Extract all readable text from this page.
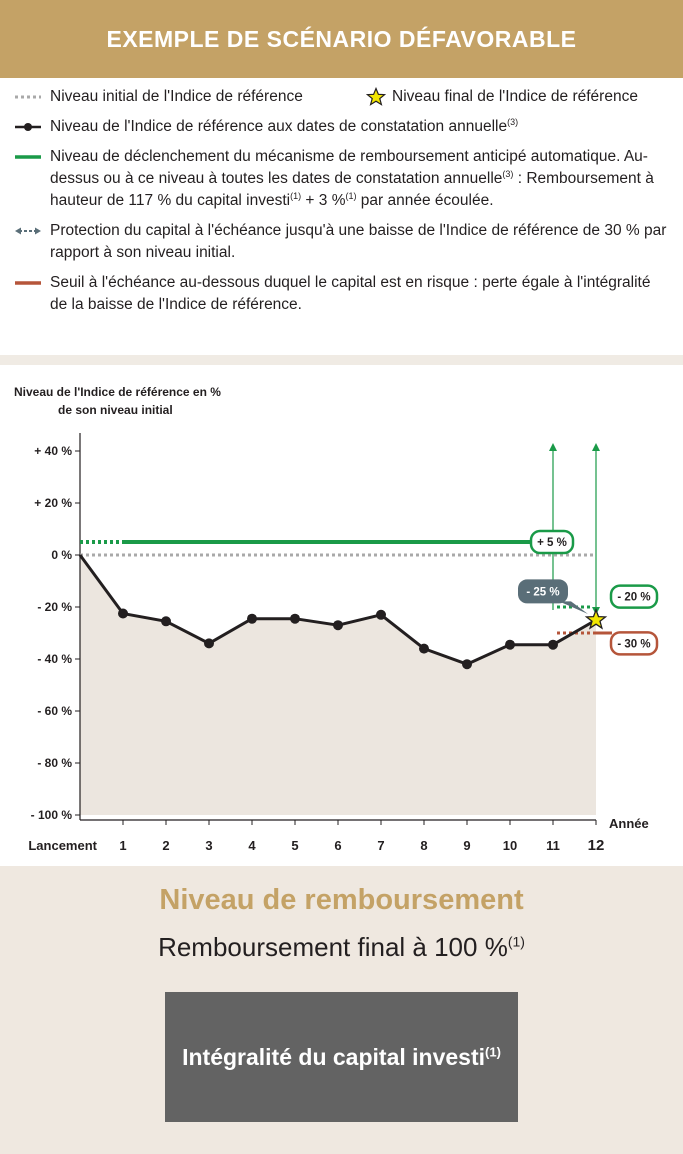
EXEMPLE DE SCÉNARIO DÉFAVORABLE
Niveau initial de l'Indice de référence	Niveau final de l'Indice de référence
Niveau de l'Indice de référence aux dates de constatation annuelle$^{(3)}$
Niveau de déclenchement du mécanisme de remboursement anticipé automatique. Au-dessus ou à ce niveau à toutes les dates de constatation annuelle$^{(3)}$ : Remboursement à hauteur de 117 % du capital investi$^{(1)}$ + 3 %$^{(1)}$ par année écoulée.
Protection du capital à l'échéance jusqu'à une baisse de l'Indice de référence de 30 % par rapport à son niveau initial.
Seuil à l'échéance au-dessous duquel le capital est en risque : perte égale à l'intégralité de la baisse de l'Indice de référence.
Niveau de l'Indice de référence en %
de son niveau initial
+ 40 %
+ 20 %
0 %
- 20 %
- 40 %
- 60 %
- 80 %
- 100 %
Lancement 1	2	3	4	5	6	7	8	9 10 11 12
Année
+ 5 %
- 20 %
- 30 %
- 25 %
Niveau de remboursement
Remboursement final à 100 %$^{(1)}$
Intégralité du capital investi$^{(1)}$
